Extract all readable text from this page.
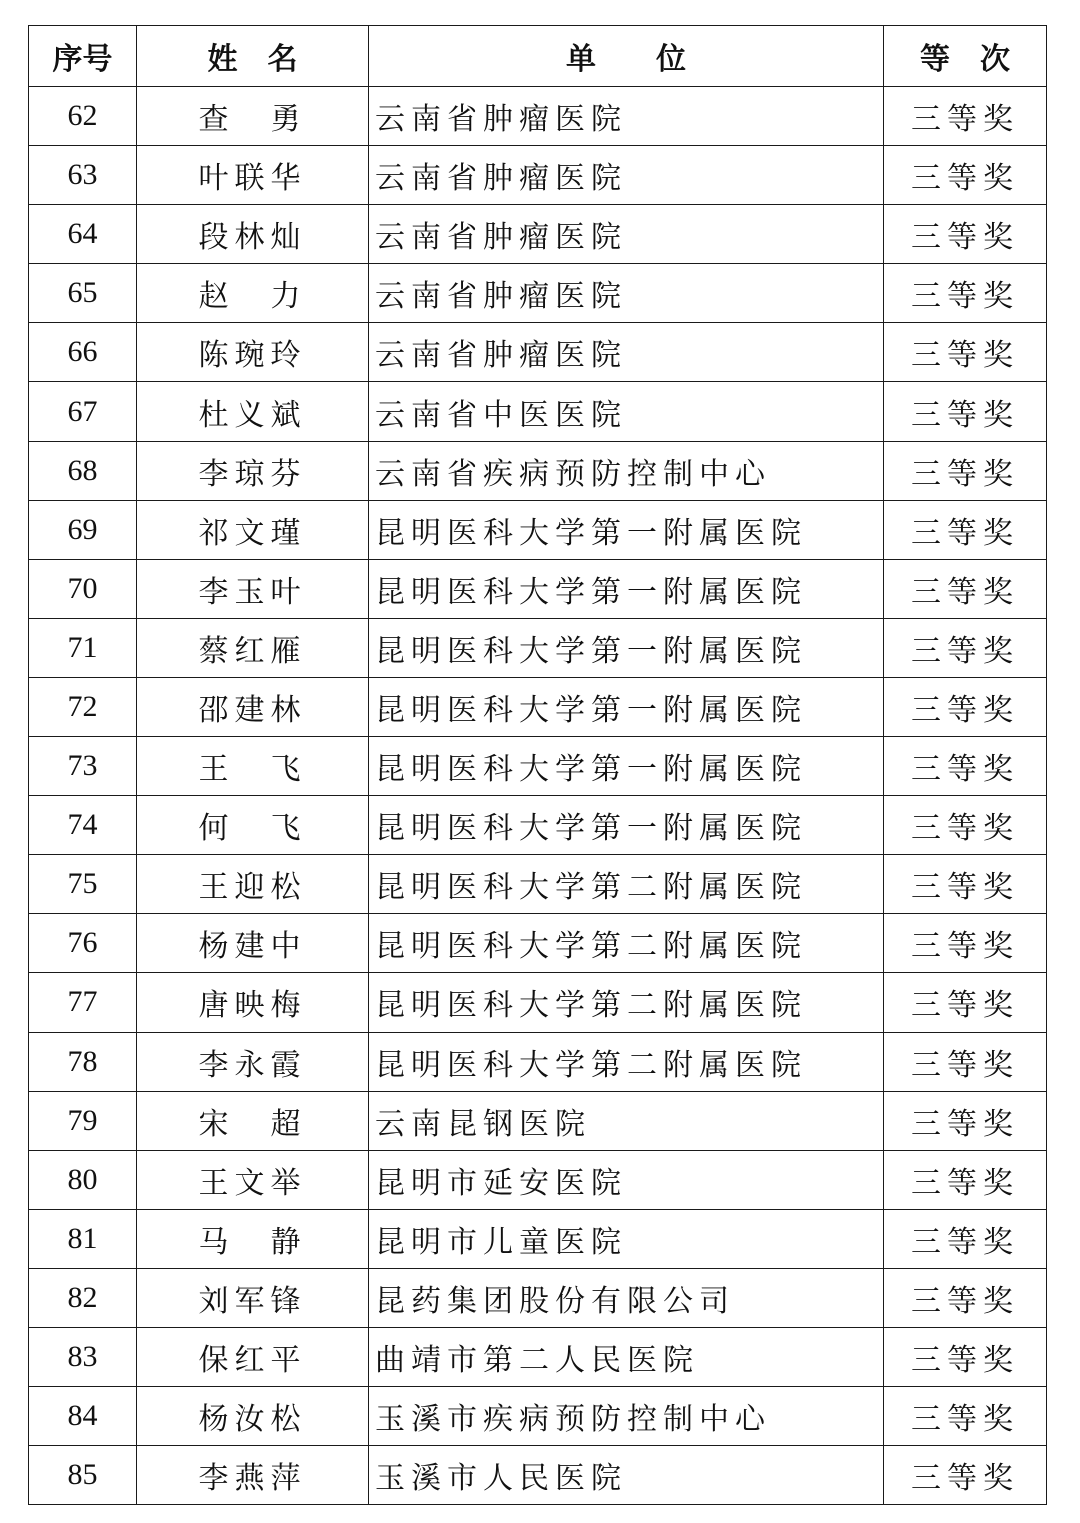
序号	姓　名	单　　位	等　次
62	查　勇	云南省肿瘤医院	三等奖
63	叶联华	云南省肿瘤医院	三等奖
64	段林灿	云南省肿瘤医院	三等奖
65	赵　力	云南省肿瘤医院	三等奖
66	陈琬玲	云南省肿瘤医院	三等奖
67	杜义斌	云南省中医医院	三等奖
68	李琼芬	云南省疾病预防控制中心	三等奖
69	祁文瑾	昆明医科大学第一附属医院	三等奖
70	李玉叶	昆明医科大学第一附属医院	三等奖
71	蔡红雁	昆明医科大学第一附属医院	三等奖
72	邵建林	昆明医科大学第一附属医院	三等奖
73	王　飞	昆明医科大学第一附属医院	三等奖
74	何　飞	昆明医科大学第一附属医院	三等奖
75	王迎松	昆明医科大学第二附属医院	三等奖
76	杨建中	昆明医科大学第二附属医院	三等奖
77	唐映梅	昆明医科大学第二附属医院	三等奖
78	李永霞	昆明医科大学第二附属医院	三等奖
79	宋　超	云南昆钢医院	三等奖
80	王文举	昆明市延安医院	三等奖
81	马　静	昆明市儿童医院	三等奖
82	刘军锋	昆药集团股份有限公司	三等奖
83	保红平	曲靖市第二人民医院	三等奖
84	杨汝松	玉溪市疾病预防控制中心	三等奖
85	李燕萍	玉溪市人民医院	三等奖
